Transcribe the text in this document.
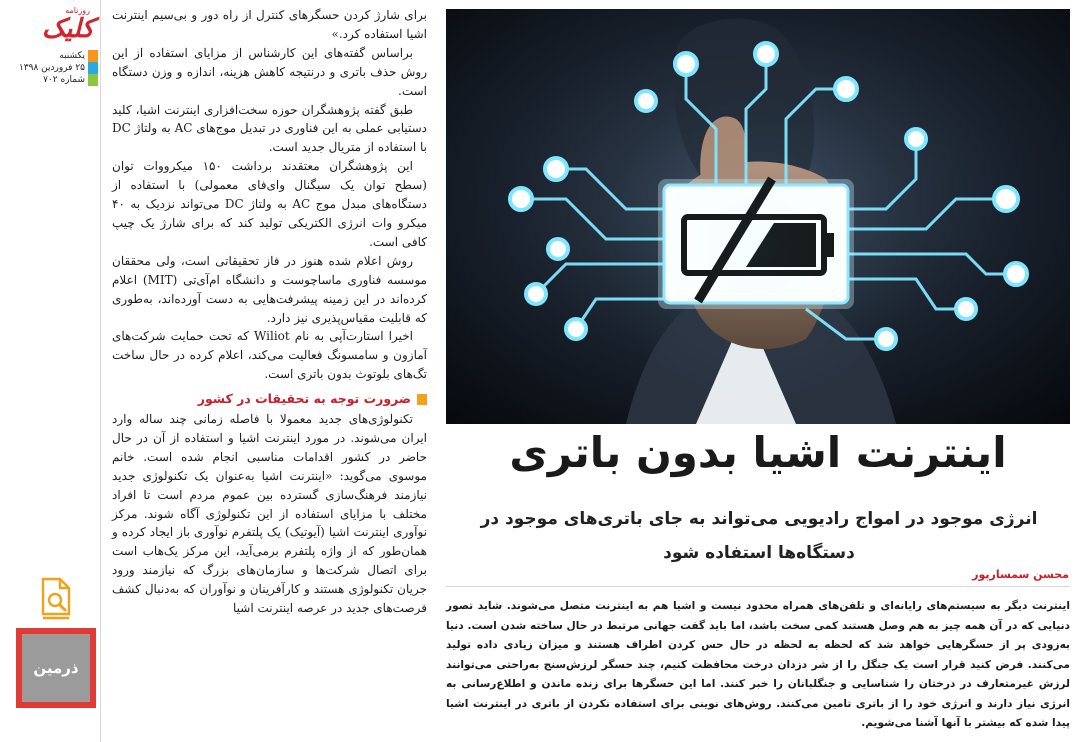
روزنامه
کلیک
یکشنبه
۲۵ فروردین ۱۳۹۸
شماره ۷۰۲
ذرمین

برای شارژ کردن حسگرهای کنترل از راه دور و بی‌سیم اینترنت اشیا استفاده کرد.»

براساس گفته‌های این کارشناس از مزایای استفاده از این روش حذف باتری و درنتیجه کاهش هزینه، اندازه و وزن دستگاه است.

طبق گفته پژوهشگران حوزه سخت‌افزاری اینترنت اشیا، کلید دستیابی عملی به این فناوری در تبدیل موج‌های AC به ولتاژ DC با استفاده از متریال جدید است.

این پژوهشگران معتقدند برداشت ۱۵۰ میکرووات توان (سطح توان یک سیگنال وای‌فای معمولی) با استفاده از دستگاه‌های مبدل موج AC به ولتاژ DC می‌تواند نزدیک به ۴۰ میکرو وات انرژی الکتریکی تولید کند که برای شارژ یک چیپ کافی است.

روش اعلام شده هنوز در فاز تحقیقاتی است، ولی محققان موسسه فناوری ماساچوست و دانشگاه ام‌آی‌تی (MIT) اعلام کرده‌اند در این زمینه پیشرفت‌هایی به دست آورده‌اند، به‌طوری که قابلیت مقیاس‌پذیری نیز دارد.

اخیرا استارت‌آپی به نام Wiliot که تحت حمایت شرکت‌های آمازون و سامسونگ فعالیت می‌کند، اعلام کرده در حال ساخت تگ‌های بلوتوث بدون باتری است.

ضرورت توجه به تحقیقات در کشور

تکنولوژی‌های جدید معمولا با فاصله زمانی چند ساله وارد ایران می‌شوند. در مورد اینترنت اشیا و استفاده از آن در حال حاضر در کشور اقدامات مناسبی انجام شده است. خانم موسوی می‌گوید: «اینترنت اشیا به‌عنوان یک تکنولوژی جدید نیازمند فرهنگ‌سازی گسترده بین عموم مردم است تا افراد مختلف با مزایای استفاده از این تکنولوژی آگاه شوند. مرکز نوآوری اینترنت اشیا (آیوتیک) یک پلتفرم نوآوری باز ایجاد کرده و همان‌طور که از واژه پلتفرم برمی‌آید، این مرکز یک‌هاب است برای اتصال شرکت‌ها و سازمان‌های بزرگ که نیازمند ورود جریان تکنولوژی هستند و کارآفرینان و نوآوران که به‌دنبال کشف فرصت‌های جدید در عرصه اینترنت اشیا

اینترنت اشیا بدون باتری
انرژی موجود در امواج رادیویی می‌تواند به جای باتری‌های موجود در دستگاه‌ها استفاده شود
محسن سمسارپور
اینترنت دیگر به سیستم‌های رایانه‌ای و تلفن‌های همراه محدود نیست و اشیا هم به اینترنت متصل می‌شوند. شاید تصور دنیایی که در آن همه چیز به هم وصل هستند کمی سخت باشد، اما باید گفت جهانی مرتبط در حال ساخته شدن است. دنیا به‌زودی پر از حسگرهایی خواهد شد که لحظه به لحظه در حال حس کردن اطراف هستند و میزان زیادی داده تولید می‌کنند. فرض کنید قرار است یک جنگل را از شر دزدان درخت محافظت کنیم، چند حسگر لرزش‌سنج به‌راحتی می‌توانند لرزش غیرمتعارف در درختان را شناسایی و جنگلبانان را خبر کنند. اما این حسگرها برای زنده ماندن و اطلاع‌رسانی به انرژی نیاز دارند و انرژی خود را از باتری تامین می‌کنند. روش‌های نوینی برای استفاده نکردن از باتری در اینترنت اشیا پیدا شده که بیشتر با آنها آشنا می‌شویم.
